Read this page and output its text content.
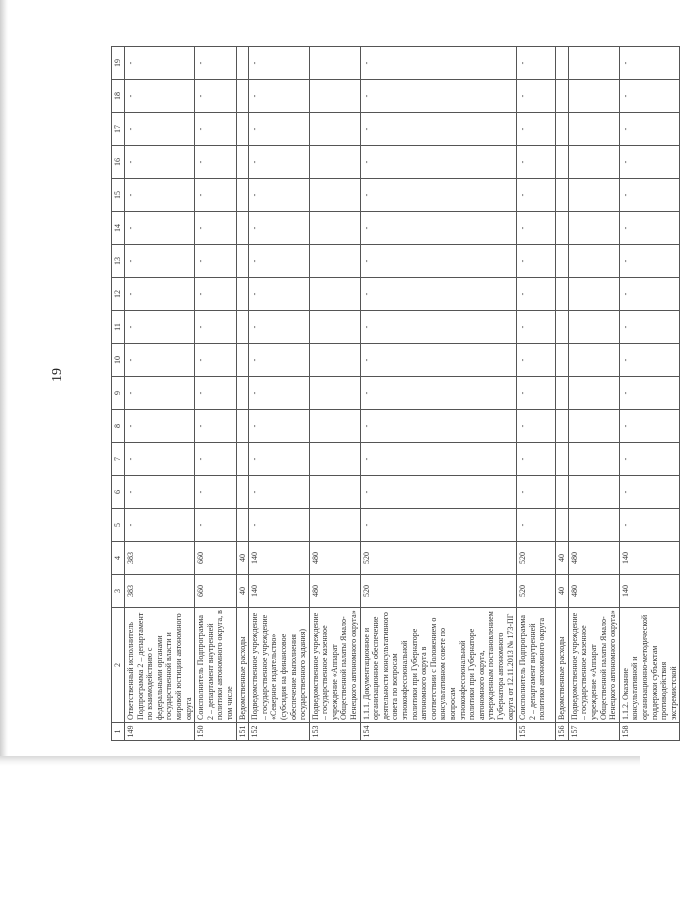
19
1	2	3	4	5	6	7	8	9	10	11	12	13	14	15	16	17	18	19
149	Ответственный исполнитель Подпрограмма 2 – департамент по взаимодействию с федеральными органами государственной власти и мировой юстиции автономного округа	383	383	-	-	-	-	-	-	-	-	-	-	-	-	-	-	-
150	Соисполнитель Подпрограмма 2 – департамент внутренней политики автономного округа, в том числе	660	660	-	-	-	-	-	-	-	-	-	-	-	-	-	-	-
151	Ведомственные расходы	40	40															
152	Подведомственное учреждение – государственное учреждение «Северное издательство» (субсидия на финансовое обеспечение выполнения государственного задания)	140	140	-	-	-	-	-	-	-	-	-	-	-	-	-	-	-
153	Подведомственное учреждение – государственное казенное учреждение «Аппарат Общественной палаты Ямало-Ненецкого автономного округа»	480	480															
154	1.1.1. Документационное и организационное обеспечение деятельности консультативного совета по вопросам этноконфессиональной политики при Губернаторе автономного округа в соответствии с Положением о консультативном совете по вопросам этноконфессиональной политики при Губернаторе автономного округа, утвержденным постановлением Губернатора автономного округа от 12.11.2013 № 173-ПГ	520	520	-	-	-	-	-	-	-	-	-	-	-	-	-	-	-
155	Соисполнитель Подпрограмма 2 – департамент внутренней политики автономного округа	520	520	-	-	-	-	-	-	-	-	-	-	-	-	-	-	-
156	Ведомственные расходы	40	40															
157	Подведомственное учреждение – государственное казенное учреждение «Аппарат Общественной палаты Ямало-Ненецкого автономного округа»	480	480															
158	1.1.2. Оказание консультативной и организационно-методической поддержки субъектам противодействия экстремистской	140	140	-	-	-	-	-	-	-	-	-	-	-	-	-	-	-
